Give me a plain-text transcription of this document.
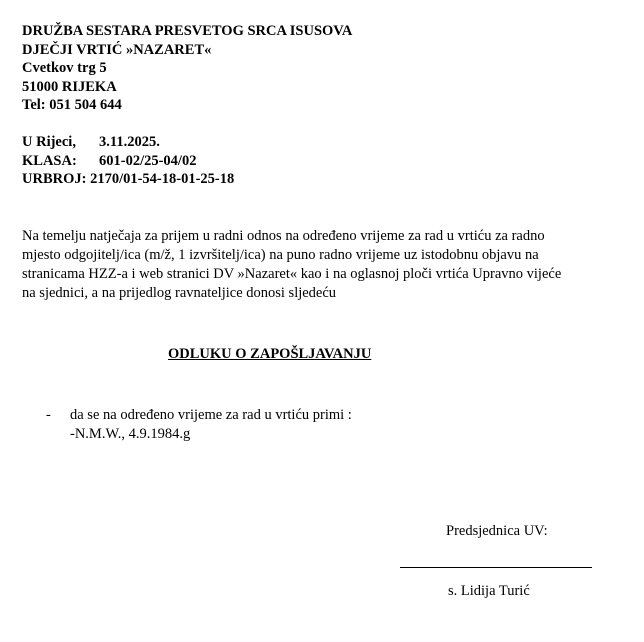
DRUŽBA SESTARA PRESVETOG SRCA ISUSOVA
DJEČJI VRTIĆ »NAZARET«
Cvetkov trg 5
51000 RIJEKA
Tel: 051 504 644
U Rijeci, 3.11.2025.
KLASA: 601-02/25-04/02
URBROJ: 2170/01-54-18-01-25-18
Na temelju natječaja za prijem u radni odnos na određeno vrijeme za rad u vrtiću za radno
mjesto odgojitelj/ica (m/ž, 1 izvršitelj/ica) na puno radno vrijeme uz istodobnu objavu na
stranicama HZZ-a i web stranici DV »Nazaret« kao i na oglasnoj ploči vrtića Upravno vijeće
na sjednici, a na prijedlog ravnateljice donosi sljedeću
ODLUKU O ZAPOŠLJAVANJU
- da se na određeno vrijeme za rad u vrtiću primi :
-N.M.W., 4.9.1984.g
Predsjednica UV:
s. Lidija Turić
